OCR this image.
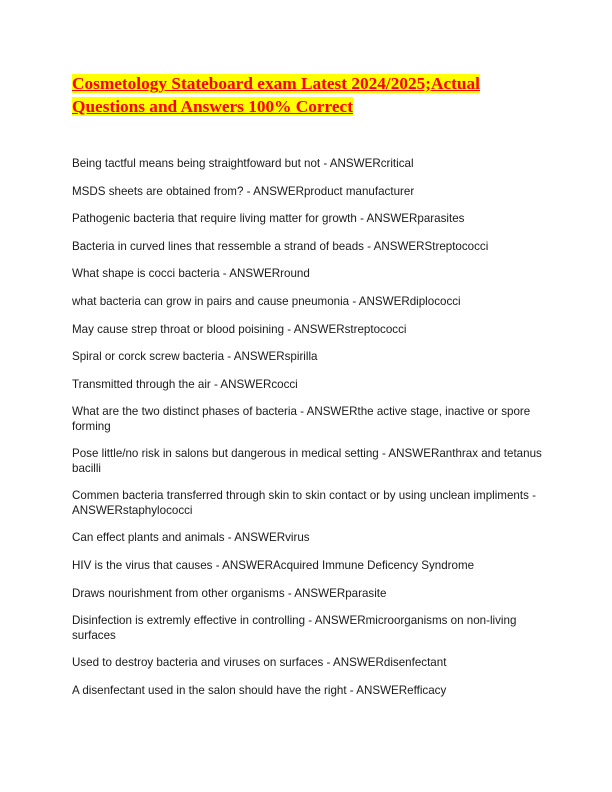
Cosmetology Stateboard exam Latest 2024/2025;Actual
Questions and Answers 100% Correct
Being tactful means being straightfoward but not - ANSWERcritical
MSDS sheets are obtained from? - ANSWERproduct manufacturer
Pathogenic bacteria that require living matter for growth - ANSWERparasites
Bacteria in curved lines that ressemble a strand of beads - ANSWERStreptococci
What shape is cocci bacteria - ANSWERround
what bacteria can grow in pairs and cause pneumonia - ANSWERdiplococci
May cause strep throat or blood poisining - ANSWERstreptococci
Spiral or corck screw bacteria - ANSWERspirilla
Transmitted through the air - ANSWERcocci
What are the two distinct phases of bacteria - ANSWERthe active stage, inactive or spore forming
Pose little/no risk in salons but dangerous in medical setting - ANSWERanthrax and tetanus bacilli
Commen bacteria transferred through skin to skin contact or by using unclean impliments - ANSWERstaphylococci
Can effect plants and animals - ANSWERvirus
HIV is the virus that causes - ANSWERAcquired Immune Deficency Syndrome
Draws nourishment from other organisms - ANSWERparasite
Disinfection is extremly effective in controlling - ANSWERmicroorganisms on non-living surfaces
Used to destroy bacteria and viruses on surfaces - ANSWERdisenfectant
A disenfectant used in the salon should have the right - ANSWERefficacy
